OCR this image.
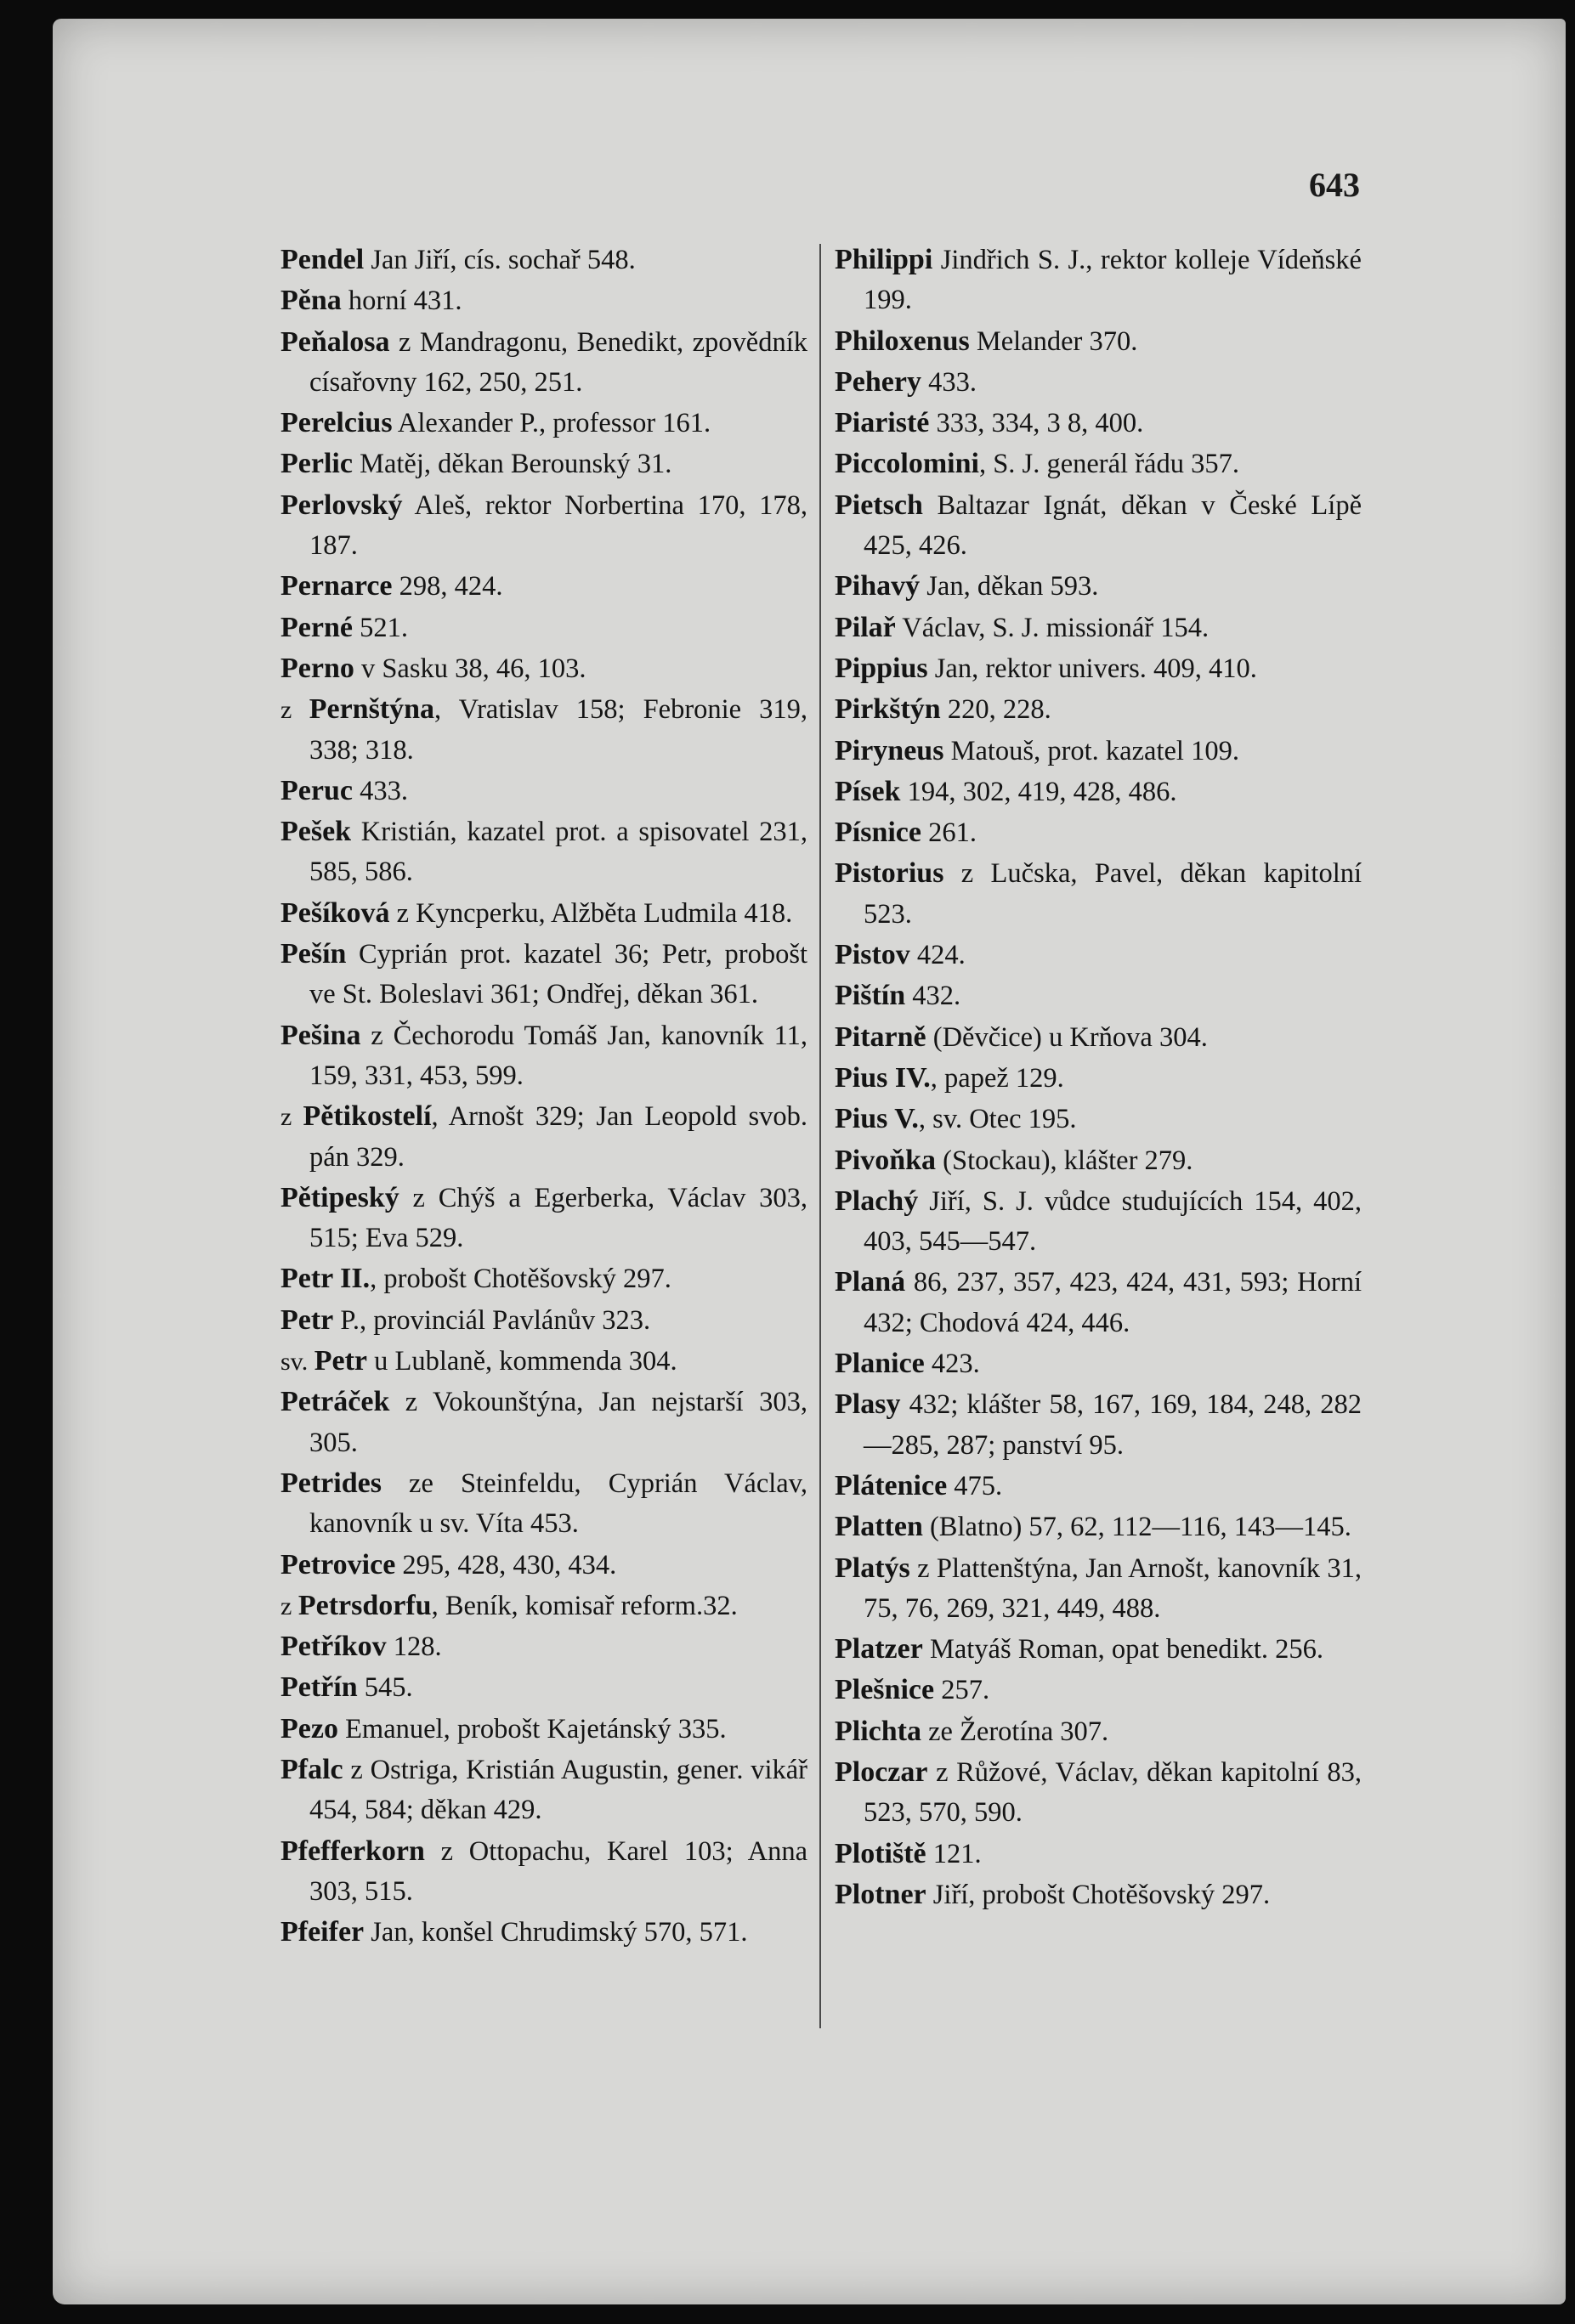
643
Pendel Jan Jiří, cís. sochař 548.
Pěna horní 431.
Peňalosa z Mandragonu, Benedikt, zpovědník císařovny 162, 250, 251.
Perelcius Alexander P., professor 161.
Perlic Matěj, děkan Berounský 31.
Perlovský Aleš, rektor Norbertina 170, 178, 187.
Pernarce 298, 424.
Perné 521.
Perno v Sasku 38, 46, 103.
z Pernštýna, Vratislav 158; Febronie 319, 338; 318.
Peruc 433.
Pešek Kristián, kazatel prot. a spisovatel 231, 585, 586.
Pešíková z Kyncperku, Alžběta Ludmila 418.
Pešín Cyprián prot. kazatel 36; Petr, probošt ve St. Boleslavi 361; Ondřej, děkan 361.
Pešina z Čechorodu Tomáš Jan, kanovník 11, 159, 331, 453, 599.
z Pětikostelí, Arnošt 329; Jan Leopold svob. pán 329.
Pětipeský z Chýš a Egerberka, Václav 303, 515; Eva 529.
Petr II., probošt Chotěšovský 297.
Petr P., provinciál Pavlánův 323.
sv. Petr u Lublaně, kommenda 304.
Petráček z Vokounštýna, Jan nejstarší 303, 305.
Petrides ze Steinfeldu, Cyprián Václav, kanovník u sv. Víta 453.
Petrovice 295, 428, 430, 434.
z Petrsdorfu, Beník, komisař reform.32.
Petříkov 128.
Petřín 545.
Pezo Emanuel, probošt Kajetánský 335.
Pfalc z Ostriga, Kristián Augustin, gener. vikář 454, 584; děkan 429.
Pfefferkorn z Ottopachu, Karel 103; Anna 303, 515.
Pfeifer Jan, konšel Chrudimský 570, 571.
Philippi Jindřich S. J., rektor kolleje Vídeňské 199.
Philoxenus Melander 370.
Pehery 433.
Piaristé 333, 334, 3 8, 400.
Piccolomini, S. J. generál řádu 357.
Pietsch Baltazar Ignát, děkan v České Lípě 425, 426.
Pihavý Jan, děkan 593.
Pilař Václav, S. J. missionář 154.
Pippius Jan, rektor univers. 409, 410.
Pirkštýn 220, 228.
Piryneus Matouš, prot. kazatel 109.
Písek 194, 302, 419, 428, 486.
Písnice 261.
Pistorius z Lučska, Pavel, děkan kapitolní 523.
Pistov 424.
Pištín 432.
Pitarně (Děvčice) u Krňova 304.
Pius IV., papež 129.
Pius V., sv. Otec 195.
Pivoňka (Stockau), klášter 279.
Plachý Jiří, S. J. vůdce studujících 154, 402, 403, 545—547.
Planá 86, 237, 357, 423, 424, 431, 593; Horní 432; Chodová 424, 446.
Planice 423.
Plasy 432; klášter 58, 167, 169, 184, 248, 282—285, 287; panství 95.
Plátenice 475.
Platten (Blatno) 57, 62, 112—116, 143—145.
Platýs z Plattenštýna, Jan Arnošt, kanovník 31, 75, 76, 269, 321, 449, 488.
Platzer Matyáš Roman, opat benedikt. 256.
Plešnice 257.
Plichta ze Žerotína 307.
Ploczar z Růžové, Václav, děkan kapitolní 83, 523, 570, 590.
Plotiště 121.
Plotner Jiří, probošt Chotěšovský 297.
